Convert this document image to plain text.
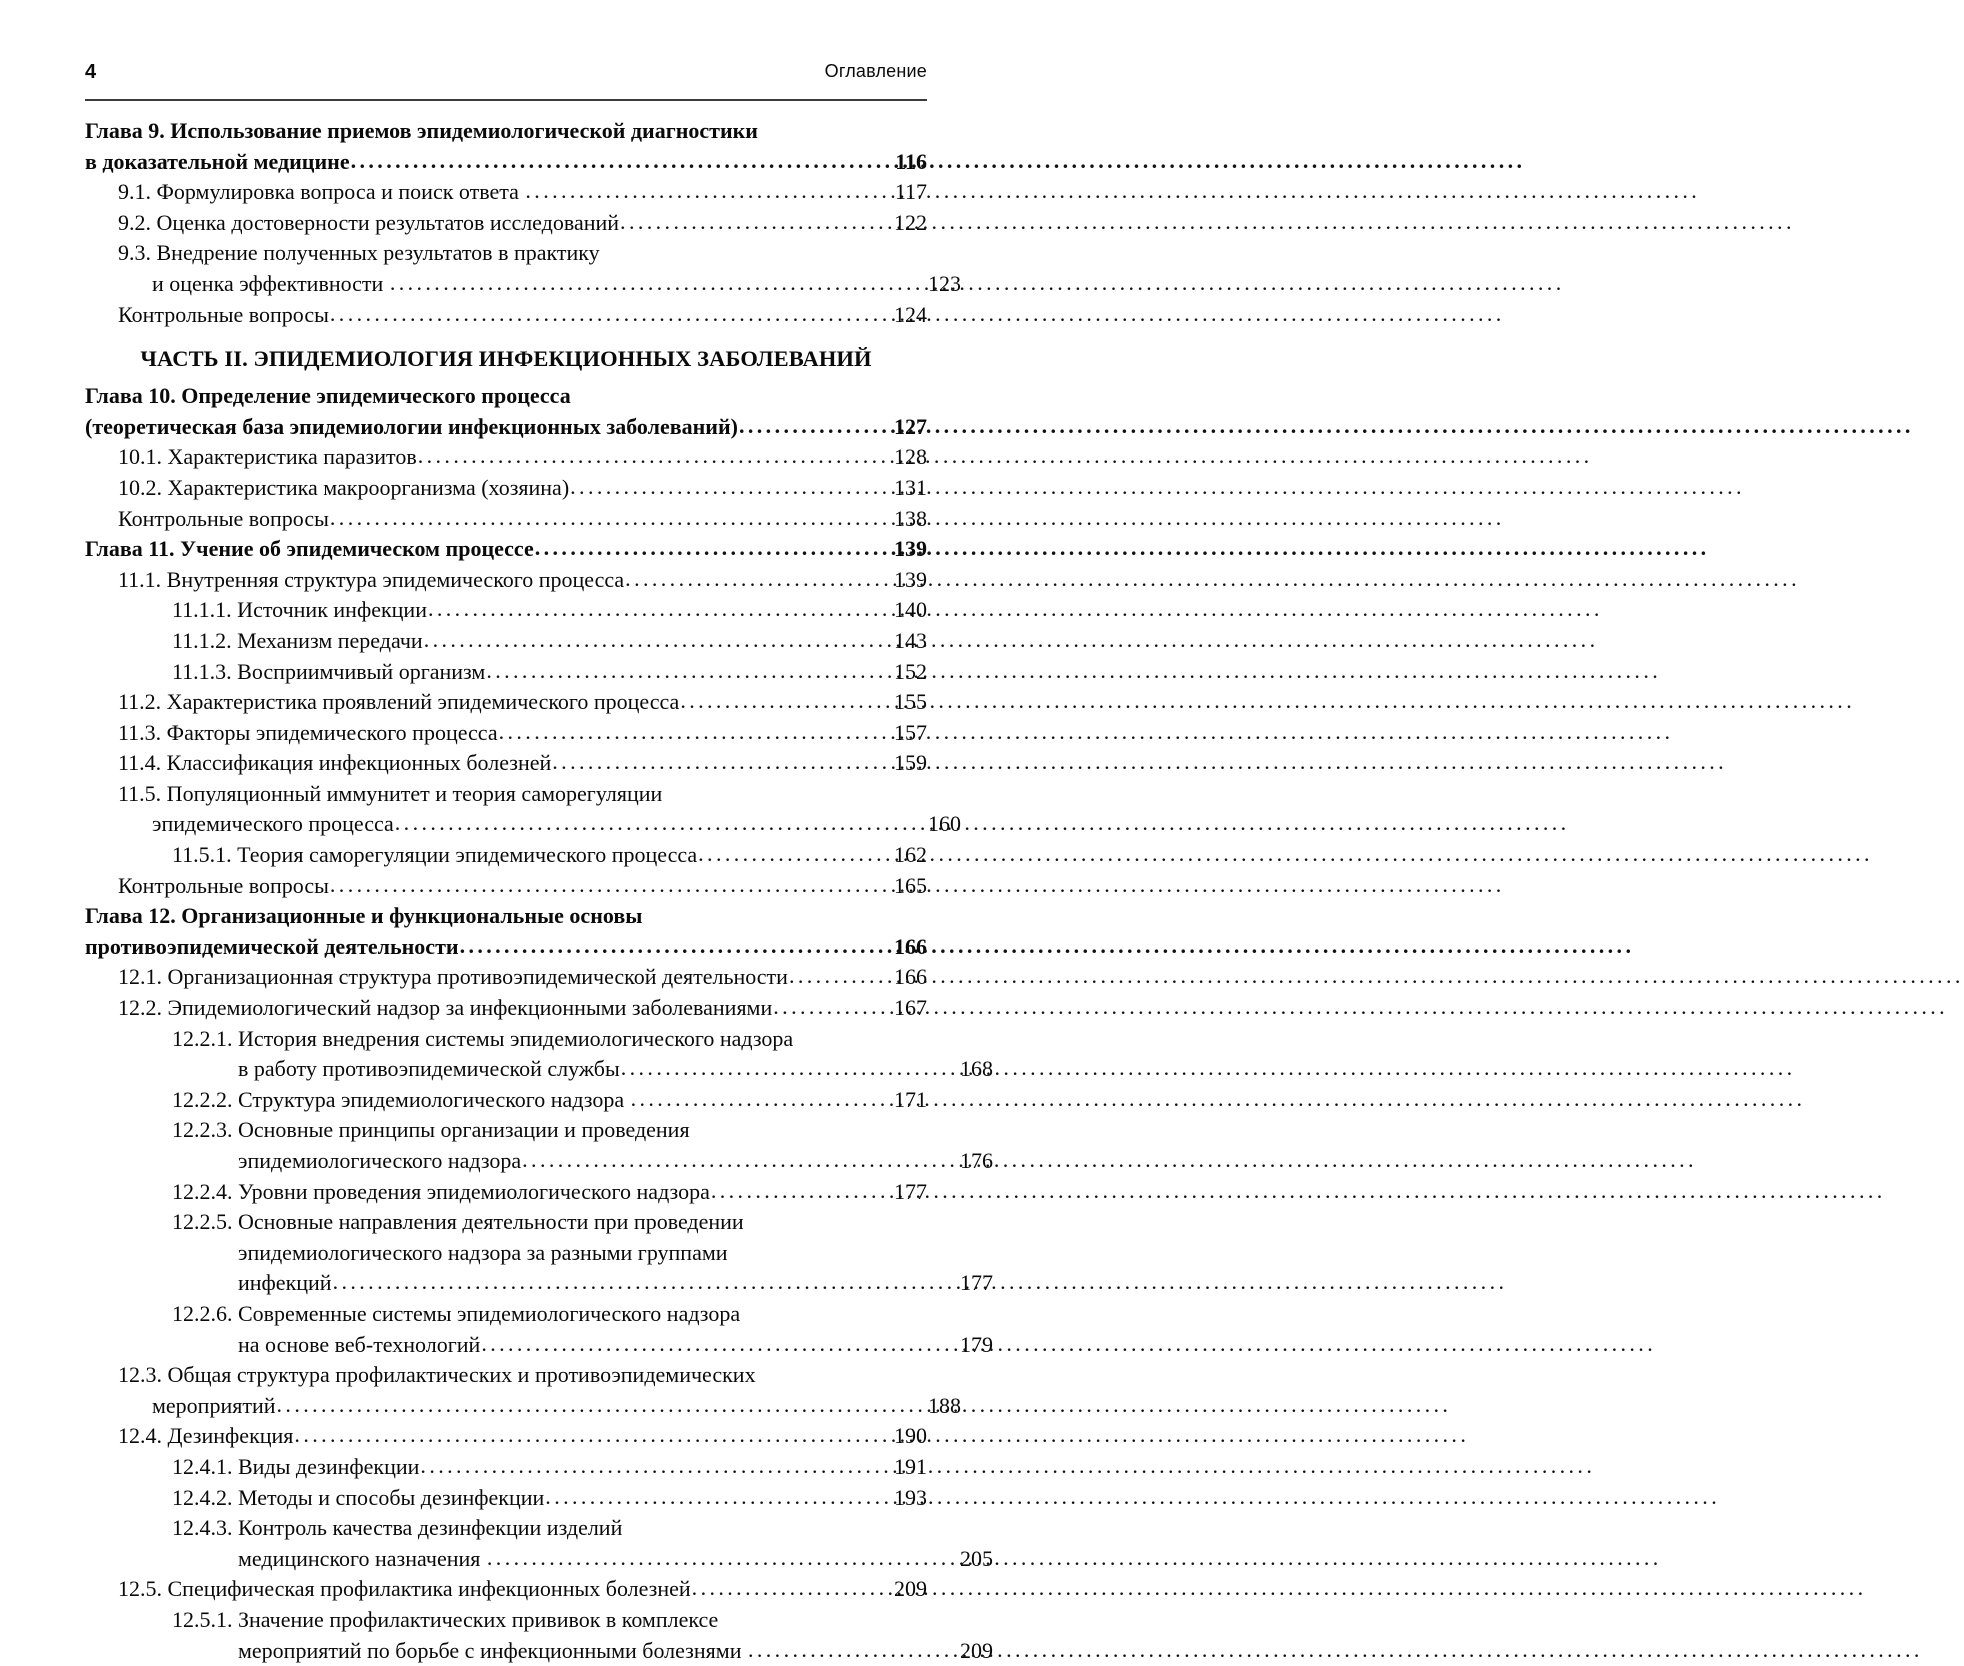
4	Оглавление
Глава 9. Использование приемов эпидемиологической диагностики
в доказательной медицине .....	116
9.1. Формулировка вопроса и поиск ответа .....	117
9.2. Оценка достоверности результатов исследований .....	122
9.3. Внедрение полученных результатов в практику
и оценка эффективности .....	123
Контрольные вопросы .....	124
ЧАСТЬ II. ЭПИДЕМИОЛОГИЯ ИНФЕКЦИОННЫХ ЗАБОЛЕВАНИЙ
Глава 10. Определение эпидемического процесса
(теоретическая база эпидемиологии инфекционных заболеваний) .....	127
10.1. Характеристика паразитов .....	128
10.2. Характеристика макроорганизма (хозяина) .....	131
Контрольные вопросы .....	138
Глава 11. Учение об эпидемическом процессе .....	139
11.1. Внутренняя структура эпидемического процесса .....	139
11.1.1. Источник инфекции .....	140
11.1.2. Механизм передачи .....	143
11.1.3. Восприимчивый организм .....	152
11.2. Характеристика проявлений эпидемического процесса .....	155
11.3. Факторы эпидемического процесса .....	157
11.4. Классификация инфекционных болезней .....	159
11.5. Популяционный иммунитет и теория саморегуляции
эпидемического процесса .....	160
11.5.1. Теория саморегуляции эпидемического процесса .....	162
Контрольные вопросы .....	165
Глава 12. Организационные и функциональные основы
противоэпидемической деятельности .....	166
12.1. Организационная структура противоэпидемической деятельности .....	166
12.2. Эпидемиологический надзор за инфекционными заболеваниями .....	167
12.2.1. История внедрения системы эпидемиологического надзора
в работу противоэпидемической службы .....	168
12.2.2. Структура эпидемиологического надзора .....	171
12.2.3. Основные принципы организации и проведения
эпидемиологического надзора .....	176
12.2.4. Уровни проведения эпидемиологического надзора .....	177
12.2.5. Основные направления деятельности при проведении
эпидемиологического надзора за разными группами
инфекций .....	177
12.2.6. Современные системы эпидемиологического надзора
на основе веб-технологий .....	179
12.3. Общая структура профилактических и противоэпидемических
мероприятий .....	188
12.4. Дезинфекция .....	190
12.4.1. Виды дезинфекции .....	191
12.4.2. Методы и способы дезинфекции .....	193
12.4.3. Контроль качества дезинфекции изделий
медицинского назначения .....	205
12.5. Специфическая профилактика инфекционных болезней .....	209
12.5.1. Значение профилактических прививок в комплексе
мероприятий по борьбе с инфекционными болезнями .....	209
